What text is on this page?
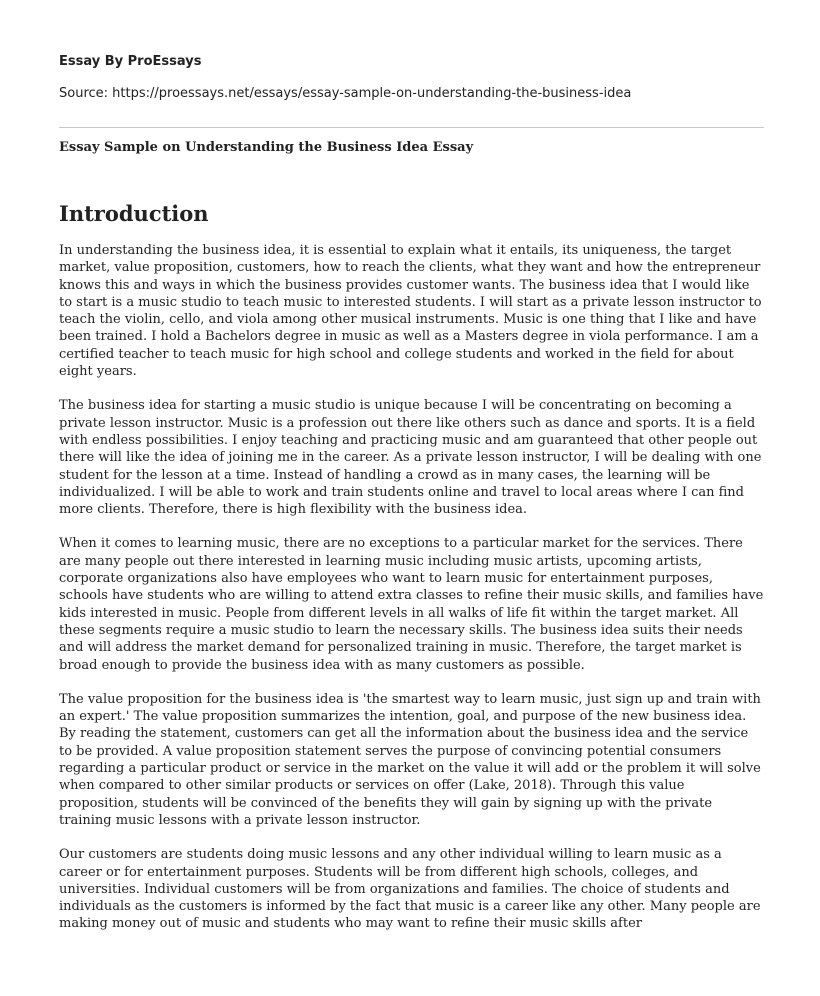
Essay By ProEssays

Source: https://proessays.net/essays/essay-sample-on-understanding-the-business-idea

Essay Sample on Understanding the Business Idea Essay

Introduction

In understanding the business idea, it is essential to explain what it entails, its uniqueness, the target market, value proposition, customers, how to reach the clients, what they want and how the entrepreneur knows this and ways in which the business provides customer wants. The business idea that I would like to start is a music studio to teach music to interested students. I will start as a private lesson instructor to teach the violin, cello, and viola among other musical instruments. Music is one thing that I like and have been trained. I hold a Bachelors degree in music as well as a Masters degree in viola performance. I am a certified teacher to teach music for high school and college students and worked in the field for about eight years.

The business idea for starting a music studio is unique because I will be concentrating on becoming a private lesson instructor. Music is a profession out there like others such as dance and sports. It is a field with endless possibilities. I enjoy teaching and practicing music and am guaranteed that other people out there will like the idea of joining me in the career. As a private lesson instructor, I will be dealing with one student for the lesson at a time. Instead of handling a crowd as in many cases, the learning will be individualized. I will be able to work and train students online and travel to local areas where I can find more clients. Therefore, there is high flexibility with the business idea.

When it comes to learning music, there are no exceptions to a particular market for the services. There are many people out there interested in learning music including music artists, upcoming artists, corporate organizations also have employees who want to learn music for entertainment purposes, schools have students who are willing to attend extra classes to refine their music skills, and families have kids interested in music. People from different levels in all walks of life fit within the target market. All these segments require a music studio to learn the necessary skills. The business idea suits their needs and will address the market demand for personalized training in music. Therefore, the target market is broad enough to provide the business idea with as many customers as possible.

The value proposition for the business idea is 'the smartest way to learn music, just sign up and train with an expert.' The value proposition summarizes the intention, goal, and purpose of the new business idea. By reading the statement, customers can get all the information about the business idea and the service to be provided. A value proposition statement serves the purpose of convincing potential consumers regarding a particular product or service in the market on the value it will add or the problem it will solve when compared to other similar products or services on offer (Lake, 2018). Through this value proposition, students will be convinced of the benefits they will gain by signing up with the private training music lessons with a private lesson instructor.

Our customers are students doing music lessons and any other individual willing to learn music as a career or for entertainment purposes. Students will be from different high schools, colleges, and universities. Individual customers will be from organizations and families. The choice of students and individuals as the customers is informed by the fact that music is a career like any other. Many people are making money out of music and students who may want to refine their music skills after
